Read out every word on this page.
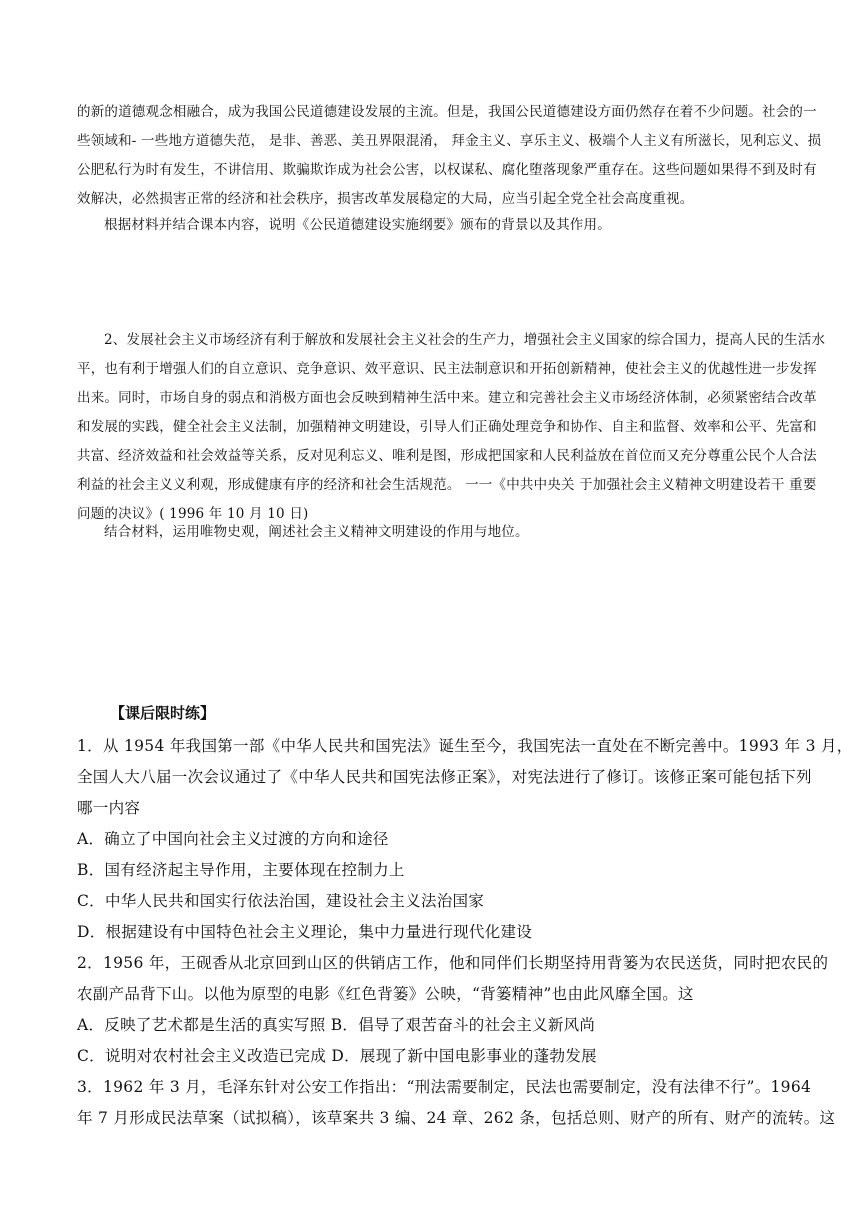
的新的道德观念相融合，成为我国公民道德建设发展的主流。但是，我国公民道德建设方面仍然存在着不少问题。社会的一
些领域和- 一些地方道德失范， 是非、善恶、美丑界限混淆， 拜金主义、享乐主义、极端个人主义有所滋长，见利忘义、损
公肥私行为时有发生，不讲信用、欺骗欺诈成为社会公害，以权谋私、腐化堕落现象严重存在。这些问题如果得不到及时有
效解决，必然损害正常的经济和社会秩序，损害改革发展稳定的大局，应当引起全党全社会高度重视。
根据材料并结合课本内容，说明《公民道德建设实施纲要》颁布的背景以及其作用。
2、发展社会主义市场经济有利于解放和发展社会主义社会的生产力，增强社会主义国家的综合国力，提高人民的生活水
平，也有利于增强人们的自立意识、竞争意识、效平意识、民主法制意识和开拓创新精神，使社会主义的优越性进一步发挥
出来。同时，市场自身的弱点和消极方面也会反映到精神生活中来。建立和完善社会主义市场经济体制，必须紧密结合改革
和发展的实践，健全社会主义法制，加强精神文明建设，引导人们正确处理竞争和协作、自主和监督、效率和公平、先富和
共富、经济效益和社会效益等关系，反对见利忘义、唯利是图，形成把国家和人民利益放在首位而又充分尊重公民个人合法
利益的社会主义义利观，形成健康有序的经济和社会生活规范。 一一《中共中央关 于加强社会主义精神文明建设若干 重要
问题的决议》( 1996 年 10 月 10 日)
结合材料，运用唯物史观，阐述社会主义精神文明建设的作用与地位。
【课后限时练】
1．从 1954 年我国第一部《中华人民共和国宪法》诞生至今，我国宪法一直处在不断完善中。1993 年 3 月，
全国人大八届一次会议通过了《中华人民共和国宪法修正案》，对宪法进行了修订。该修正案可能包括下列
哪一内容
A．确立了中国向社会主义过渡的方向和途径
B．国有经济起主导作用，主要体现在控制力上
C．中华人民共和国实行依法治国，建设社会主义法治国家
D．根据建设有中国特色社会主义理论，集中力量进行现代化建设
2．1956 年，王砚香从北京回到山区的供销店工作，他和同伴们长期坚持用背篓为农民送货，同时把农民的
农副产品背下山。以他为原型的电影《红色背篓》公映，“背篓精神”也由此风靡全国。这
A．反映了艺术都是生活的真实写照 B．倡导了艰苦奋斗的社会主义新风尚
C．说明对农村社会主义改造已完成 D．展现了新中国电影事业的蓬勃发展
3．1962 年 3 月，毛泽东针对公安工作指出：“刑法需要制定，民法也需要制定，没有法律不行”。1964
年 7 月形成民法草案（试拟稿），该草案共 3 编、24 章、262 条，包括总则、财产的所有、财产的流转。这
